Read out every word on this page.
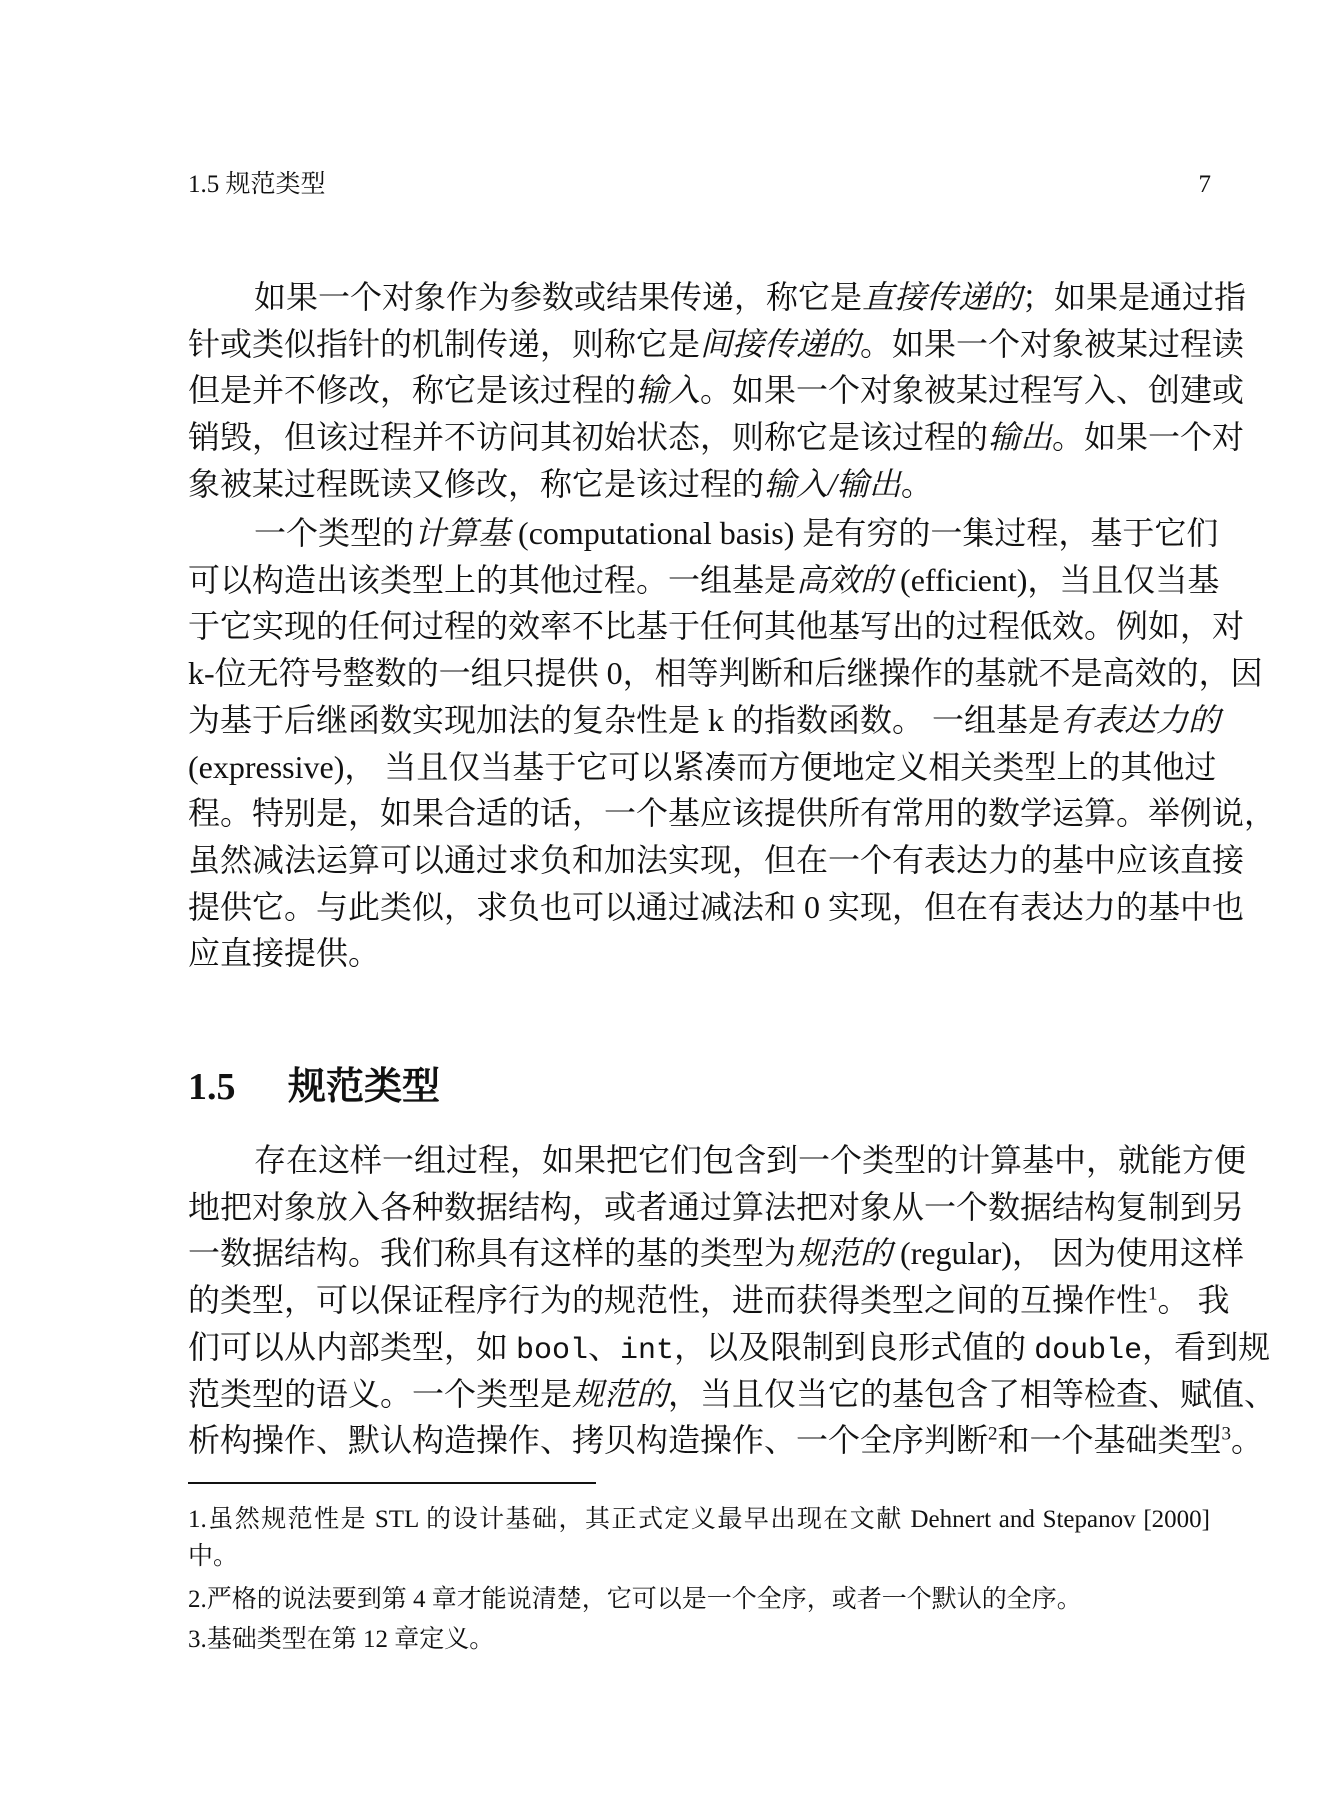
1.5 规范类型	7
如果一个对象作为参数或结果传递，称它是直接传递的；如果是通过指
针或类似指针的机制传递，则称它是间接传递的。如果一个对象被某过程读
但是并不修改，称它是该过程的输入。如果一个对象被某过程写入、创建或
销毁，但该过程并不访问其初始状态，则称它是该过程的输出。如果一个对
象被某过程既读又修改，称它是该过程的输入/输出。
一个类型的计算基 (computational basis) 是有穷的一集过程，基于它们
可以构造出该类型上的其他过程。一组基是高效的 (efficient)，当且仅当基
于它实现的任何过程的效率不比基于任何其他基写出的过程低效。例如，对
k-位无符号整数的一组只提供 0，相等判断和后继操作的基就不是高效的，因
为基于后继函数实现加法的复杂性是 k 的指数函数。 一组基是有表达力的
(expressive)， 当且仅当基于它可以紧凑而方便地定义相关类型上的其他过
程。特别是，如果合适的话，一个基应该提供所有常用的数学运算。举例说，
虽然减法运算可以通过求负和加法实现，但在一个有表达力的基中应该直接
提供它。与此类似，求负也可以通过减法和 0 实现，但在有表达力的基中也
应直接提供。
存在这样一组过程，如果把它们包含到一个类型的计算基中，就能方便
地把对象放入各种数据结构，或者通过算法把对象从一个数据结构复制到另
一数据结构。我们称具有这样的基的类型为规范的 (regular)， 因为使用这样
的类型，可以保证程序行为的规范性，进而获得类型之间的互操作性$^1$。 我
们可以从内部类型，如 bool、int，以及限制到良形式值的 double，看到规
范类型的语义。一个类型是规范的，当且仅当它的基包含了相等检查、赋值、
析构操作、默认构造操作、拷贝构造操作、一个全序判断$^2$和一个基础类型$^3$。
1.5 规范类型
1.虽然规范性是 STL 的设计基础，其正式定义最早出现在文献 Dehnert and Stepanov [2000]
中。
2.严格的说法要到第 4 章才能说清楚，它可以是一个全序，或者一个默认的全序。
3.基础类型在第 12 章定义。
